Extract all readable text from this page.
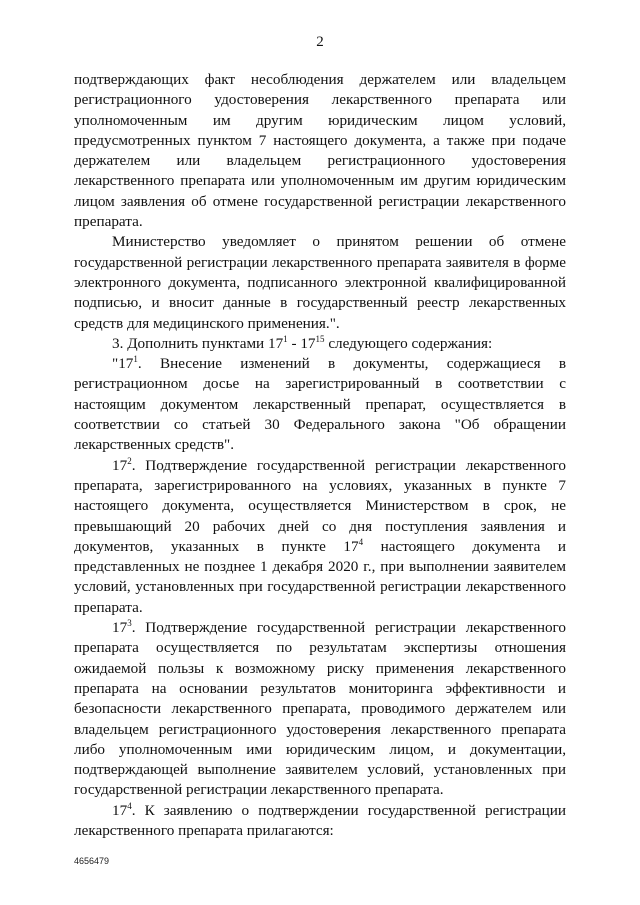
2

подтверждающих факт несоблюдения держателем или владельцем регистрационного удостоверения лекарственного препарата или уполномоченным им другим юридическим лицом условий, предусмотренных пунктом 7 настоящего документа, а также при подаче держателем или владельцем регистрационного удостоверения лекарственного препарата или уполномоченным им другим юридическим лицом заявления об отмене государственной регистрации лекарственного препарата.

Министерство уведомляет о принятом решении об отмене государственной регистрации лекарственного препарата заявителя в форме электронного документа, подписанного электронной квалифицированной подписью, и вносит данные в государственный реестр лекарственных средств для медицинского применения.".

3. Дополнить пунктами $17^1 - 17^{15}$ следующего содержания:

"$17^1$. Внесение изменений в документы, содержащиеся в регистрационном досье на зарегистрированный в соответствии с настоящим документом лекарственный препарат, осуществляется в соответствии со статьей 30 Федерального закона "Об обращении лекарственных средств".

$17^2$. Подтверждение государственной регистрации лекарственного препарата, зарегистрированного на условиях, указанных в пункте 7 настоящего документа, осуществляется Министерством в срок, не превышающий 20 рабочих дней со дня поступления заявления и документов, указанных в пункте $17^4$ настоящего документа и представленных не позднее 1 декабря 2020 г., при выполнении заявителем условий, установленных при государственной регистрации лекарственного препарата.

$17^3$. Подтверждение государственной регистрации лекарственного препарата осуществляется по результатам экспертизы отношения ожидаемой пользы к возможному риску применения лекарственного препарата на основании результатов мониторинга эффективности и безопасности лекарственного препарата, проводимого держателем или владельцем регистрационного удостоверения лекарственного препарата либо уполномоченным ими юридическим лицом, и документации, подтверждающей выполнение заявителем условий, установленных при государственной регистрации лекарственного препарата.

$17^4$. К заявлению о подтверждении государственной регистрации лекарственного препарата прилагаются:

4656479
